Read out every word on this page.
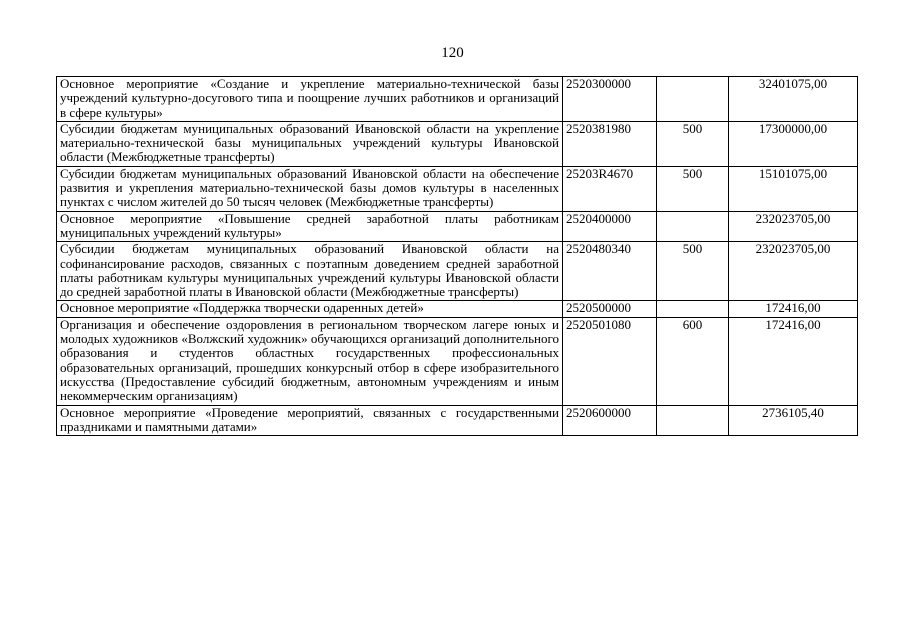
120
Основное мероприятие «Создание и укрепление материально-технической базы учреждений культурно-досугового типа и поощрение лучших работников и организаций в сфере культуры»	2520300000		32401075,00
Субсидии бюджетам муниципальных образований Ивановской области на укрепление материально-технической базы муниципальных учреждений культуры Ивановской области (Межбюджетные трансферты)	2520381980	500	17300000,00
Субсидии бюджетам муниципальных образований Ивановской области на обеспечение развития и укрепления материально-технической базы домов культуры в населенных пунктах с числом жителей до 50 тысяч человек (Межбюджетные трансферты)	25203R4670	500	15101075,00
Основное мероприятие «Повышение средней заработной платы работникам муниципальных учреждений культуры»	2520400000		232023705,00
Субсидии бюджетам муниципальных образований Ивановской области на софинансирование расходов, связанных с поэтапным доведением средней заработной платы работникам культуры муниципальных учреждений культуры Ивановской области до средней заработной платы в Ивановской области (Межбюджетные трансферты)	2520480340	500	232023705,00
Основное мероприятие «Поддержка творчески одаренных детей»	2520500000		172416,00
Организация и обеспечение оздоровления в региональном творческом лагере юных и молодых художников «Волжский художник» обучающихся организаций дополнительного образования и студентов областных государственных профессиональных образовательных организаций, прошедших конкурсный отбор в сфере изобразительного искусства (Предоставление субсидий бюджетным, автономным учреждениям и иным некоммерческим организациям)	2520501080	600	172416,00
Основное мероприятие «Проведение мероприятий, связанных с государственными праздниками и памятными датами»	2520600000		2736105,40
